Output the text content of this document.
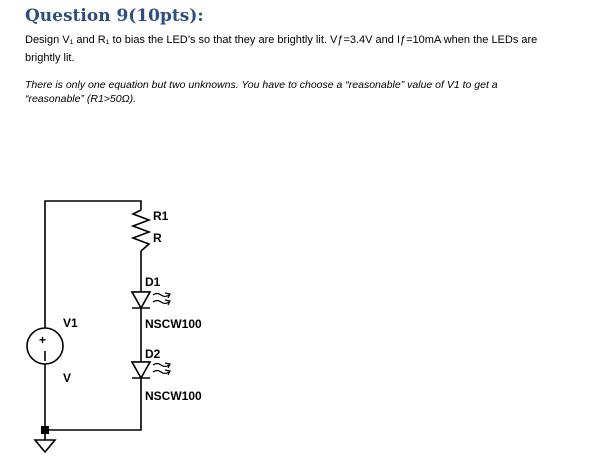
Question 9(10pts):
Design V₁ and R₁ to bias the LED’s so that they are brightly lit. Vƒ=3.4V and Iƒ=10mA when the LEDs are
brightly lit.
There is only one equation but two unknowns. You have to choose a “reasonable” value of V1 to get a
“reasonable” (R1>50Ω).
+
R1
R
D1
NSCW100
D2
NSCW100
V1
V
